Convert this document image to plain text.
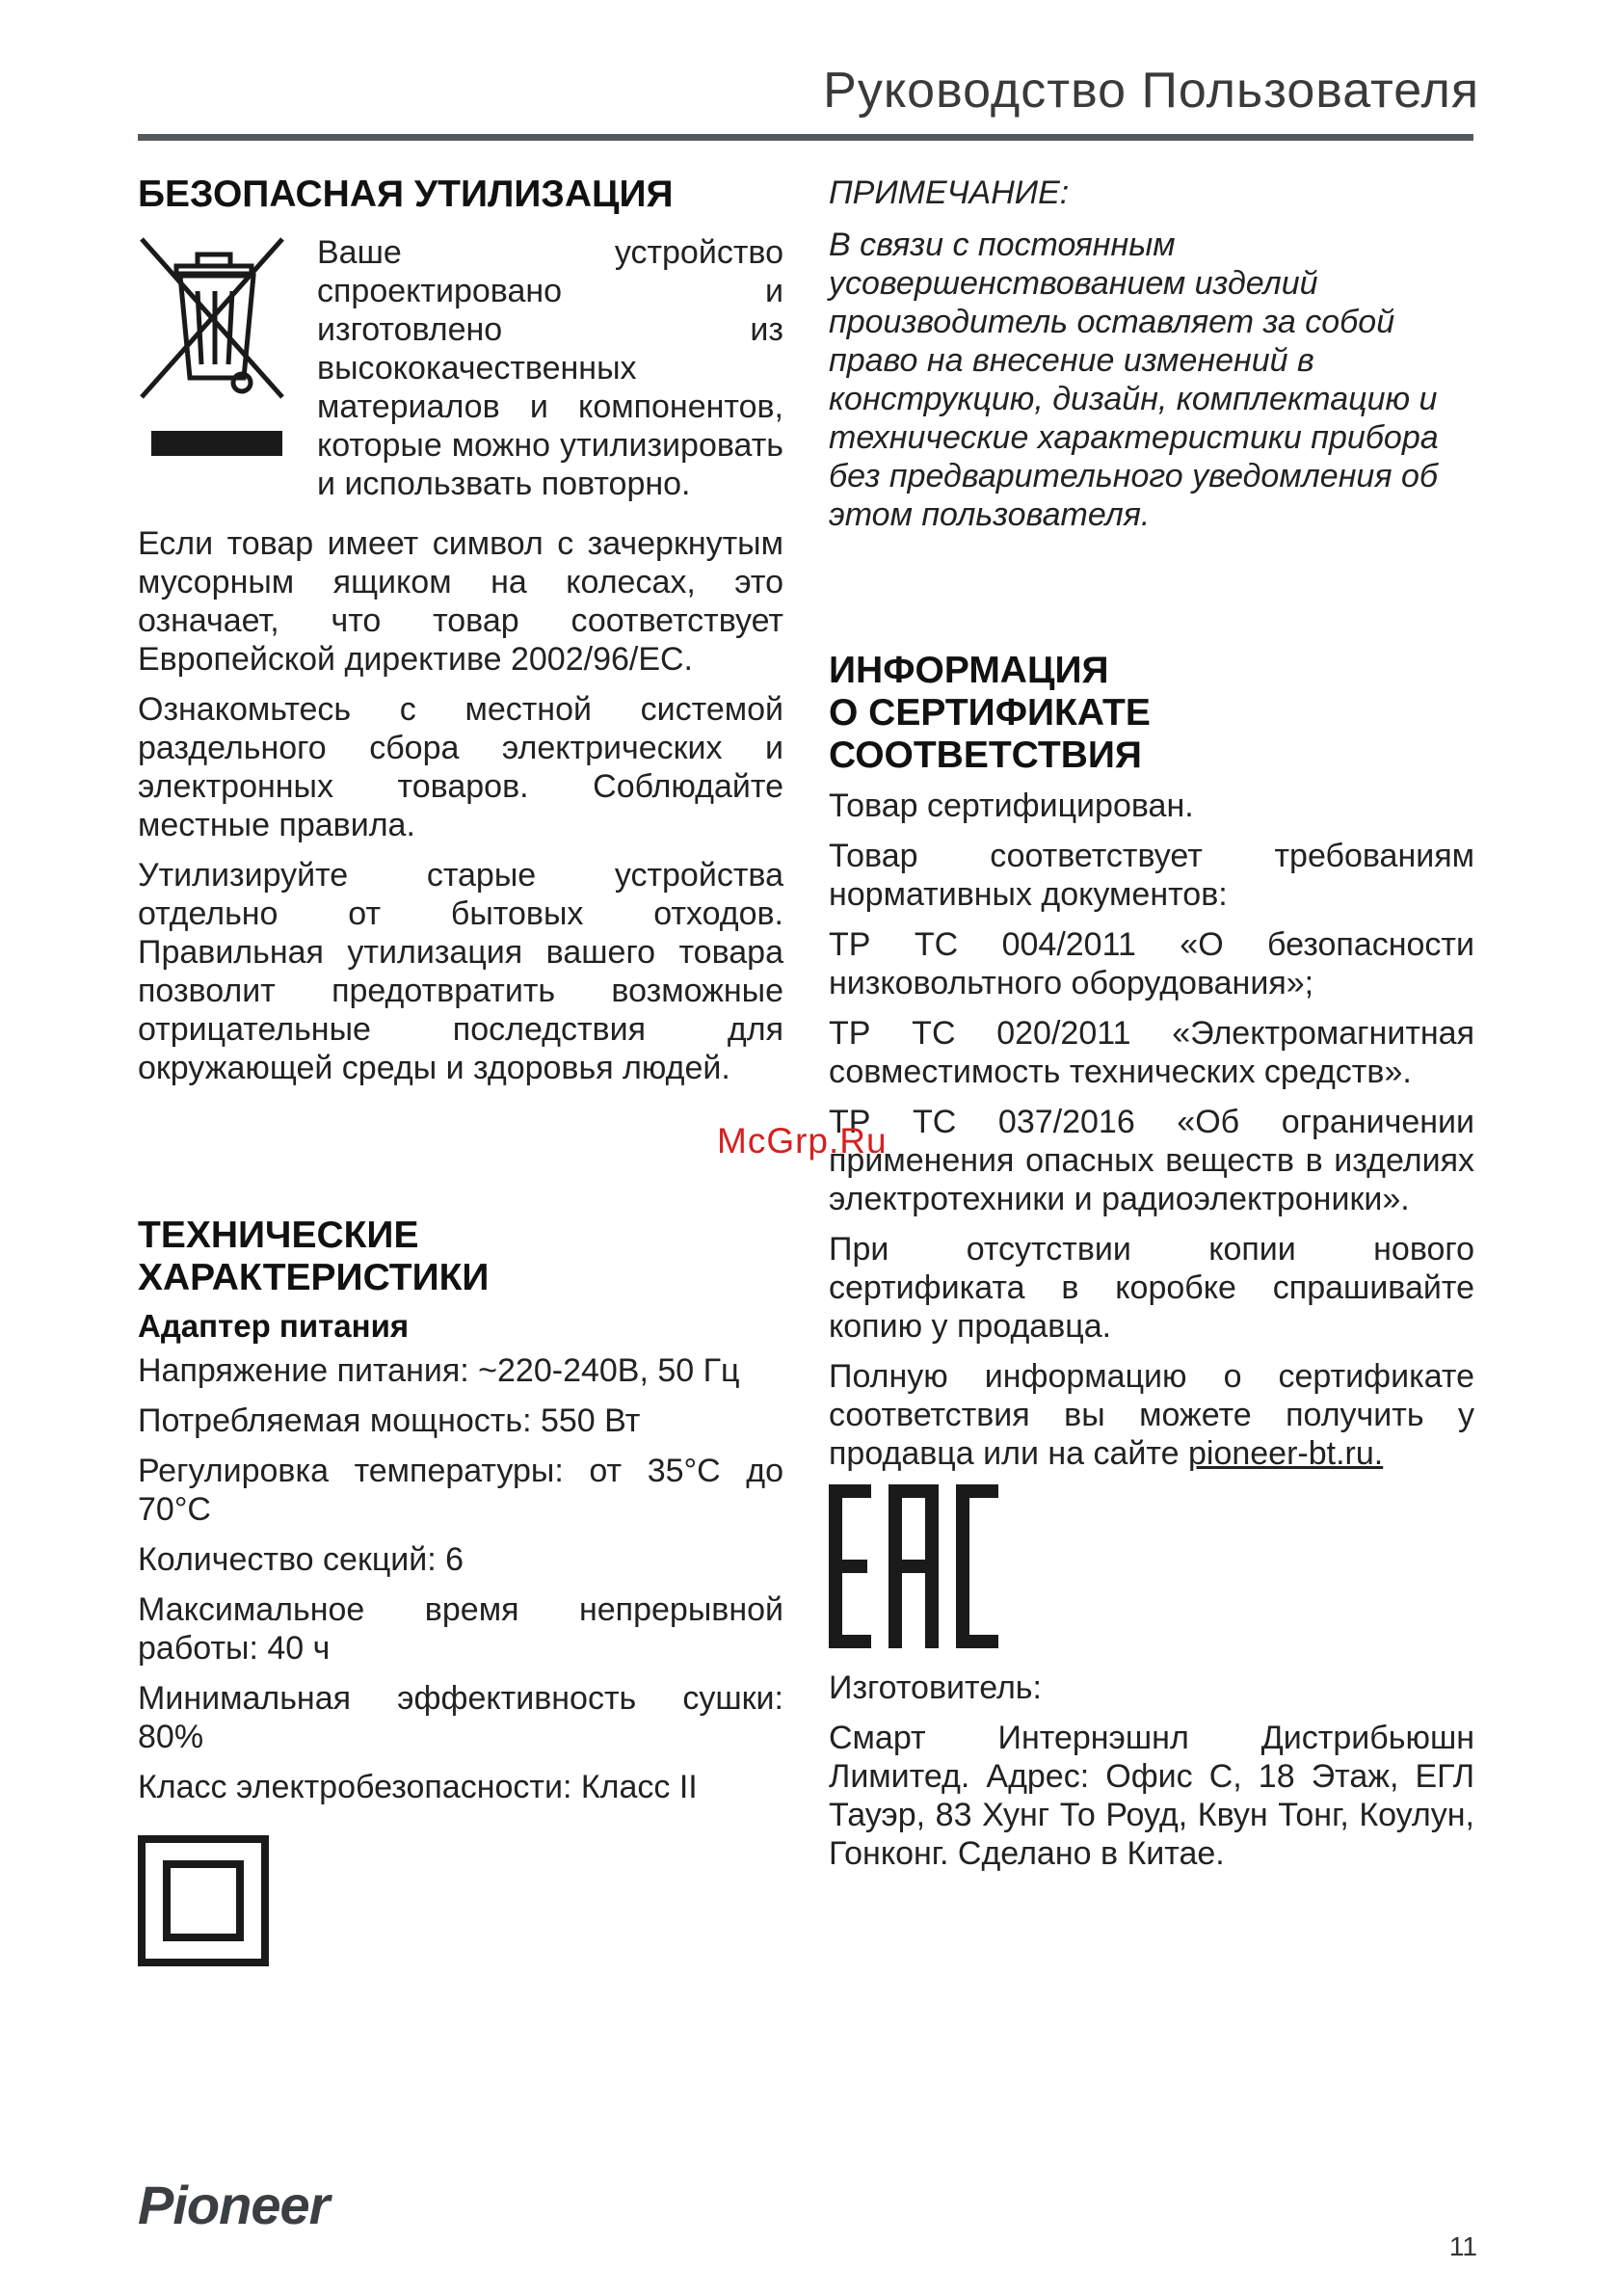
Руководство Пользователя
БЕЗОПАСНАЯ УТИЛИЗАЦИЯ

Ваше устройство спроектировано и изготовлено из высококачественных материалов и компонентов, которые можно утилизировать и использвать повторно.

Если товар имеет символ с зачеркнутым мусорным ящиком на колесах, это означает, что товар соответствует Европейской директиве 2002/96/EC.

Ознакомьтесь с местной системой раздельного сбора электрических и электронных товаров. Соблюдайте местные правила.

Утилизируйте старые устройства отдельно от бытовых отходов. Правильная утилизация вашего товара позволит предотвратить возможные отрицательные последствия для окружающей среды и здоровья людей.

ТЕХНИЧЕСКИЕ
ХАРАКТЕРИСТИКИ
Адаптер питания

Напряжение питания: ~220-240В, 50 Гц

Потребляемая мощность: 550 Вт

Регулировка температуры: от 35°С до 70°С

Количество секций: 6

Максимальное время непрерывной работы: 40 ч

Минимальная эффективность сушки: 80%

Класс электробезопасности: Класс II

ПРИМЕЧАНИЕ:

В связи с постоянным усовершенствованием изделий производитель оставляет за собой право на внесение изменений в конструкцию, дизайн, комплектацию и технические характеристики прибора без предварительного уведомления об этом пользователя.

ИНФОРМАЦИЯ
О СЕРТИФИКАТЕ
СООТВЕТСТВИЯ

Товар сертифицирован.

Товар соответствует требованиям нормативных документов:

ТР ТС 004/2011 «О безопасности низковольтного оборудования»;

ТР ТС 020/2011 «Электромагнитная совместимость технических средств».

ТР ТС 037/2016 «Об ограничении применения опасных веществ в изделиях электротехники и радиоэлектроники».

При отсутствии копии нового сертификата в коробке спрашивайте копию у продавца.

Полную информацию о сертификате соответствия вы можете получить у продавца или на сайте pioneer-bt.ru.

Изготовитель:

Смарт Интернэшнл Дистрибьюшн Лимитед. Адрес: Офис С, 18 Этаж, ЕГЛ Тауэр, 83 Хунг То Роуд, Квун Тонг, Коулун, Гонконг. Сделано в Китае.

McGrp.Ru
Pioneer
11
